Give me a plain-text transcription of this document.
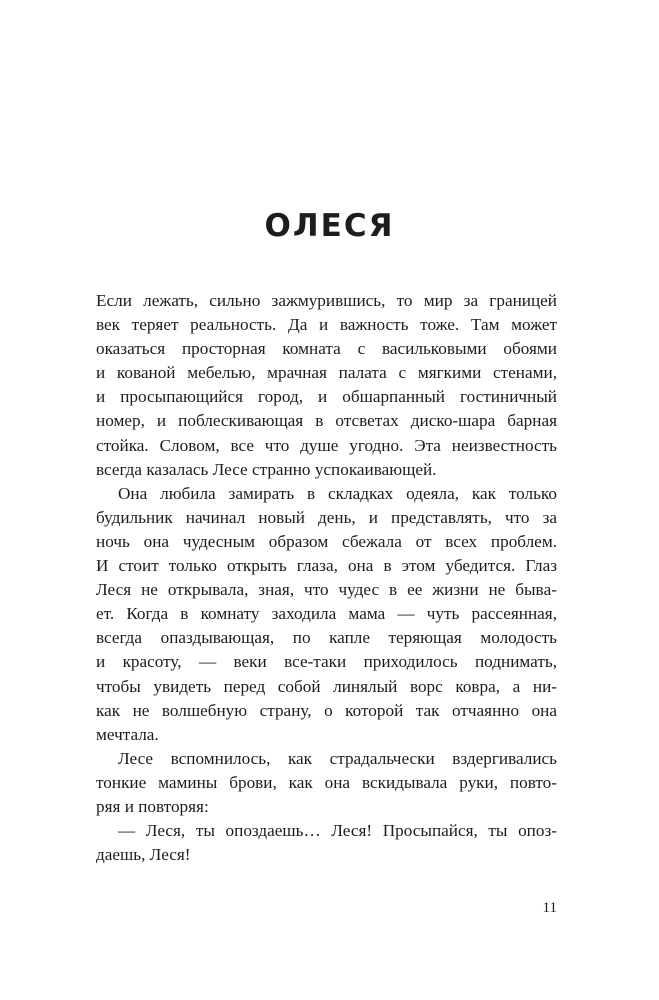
ОЛЕСЯ
Если лежать, сильно зажмурившись, то мир за границей
век теряет реальность. Да и важность тоже. Там может
оказаться просторная комната с васильковыми обоями
и кованой мебелью, мрачная палата с мягкими стенами,
и просыпающийся город, и обшарпанный гостиничный
номер, и поблескивающая в отсветах диско-шара барная
стойка. Словом, все что душе угодно. Эта неизвестность
всегда казалась Лесе странно успокаивающей.
Она любила замирать в складках одеяла, как только
будильник начинал новый день, и представлять, что за
ночь она чудесным образом сбежала от всех проблем.
И стоит только открыть глаза, она в этом убедится. Глаз
Леся не открывала, зная, что чудес в ее жизни не бывa-
ет. Когда в комнату заходила мама — чуть рассеянная,
всегда опаздывающая, по капле теряющая молодость
и красоту, — веки все-таки приходилось поднимать,
чтобы увидеть перед собой линялый ворс ковра, а ни-
как не волшебную страну, о которой так отчаянно она
мечтала.
Лесе вспомнилось, как страдальчески вздергивались
тонкие мамины брови, как она вскидывала руки, повто-
ряя и повторяя:
— Леся, ты опоздаешь… Леся! Просыпайся, ты опоз-
даешь, Леся!
11
